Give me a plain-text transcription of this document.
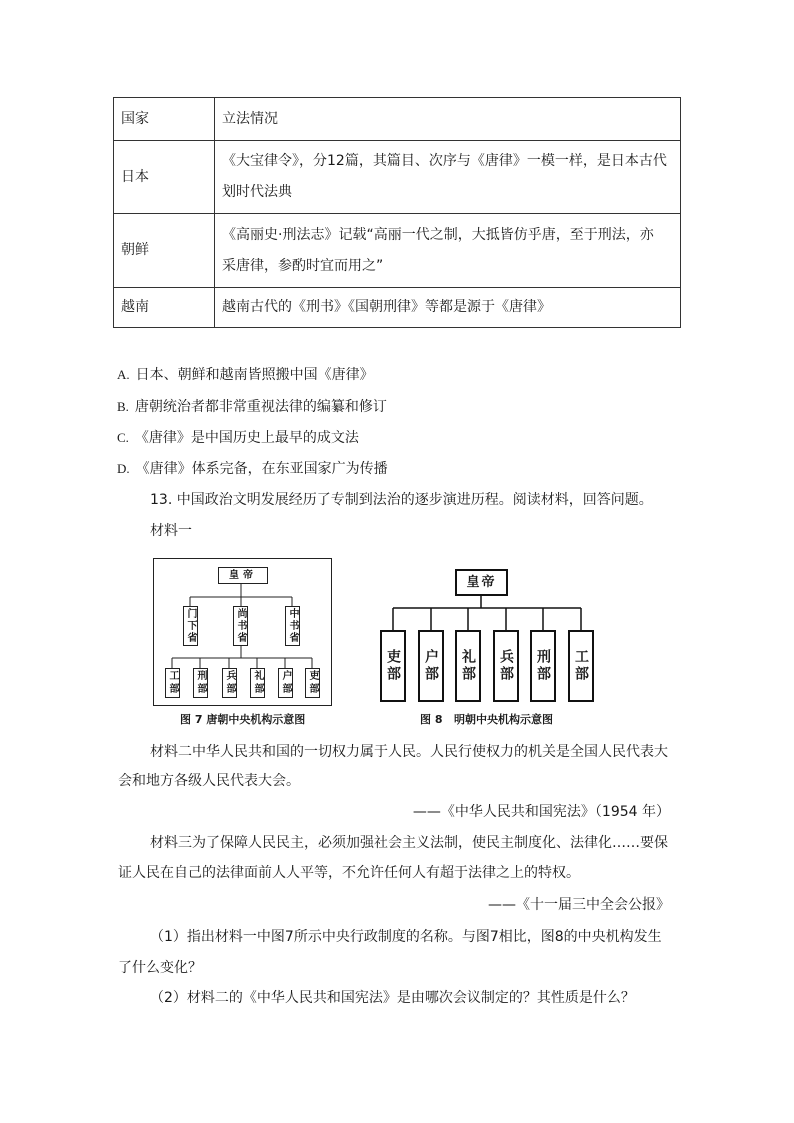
国家	立法情况
日本	《大宝律令》，分12篇，其篇目、次序与《唐律》一模一样，是日本古代
划时代法典

朝鲜	《高丽史·刑法志》记载“高丽一代之制，大抵皆仿乎唐，至于刑法，亦
采唐律，参酌时宜而用之”

越南	越南古代的《刑书》《国朝刑律》等都是源于《唐律》
A. 日本、朝鲜和越南皆照搬中国《唐律》
B. 唐朝统治者都非常重视法律的编纂和修订
C. 《唐律》是中国历史上最早的成文法
D. 《唐律》体系完备，在东亚国家广为传播
13. 中国政治文明发展经历了专制到法治的逐步演进历程。阅读材料，回答问题。
材料一
皇帝
门下省	尚书省	中书省
工部 刑部 兵部 礼部 户部 吏部
图 7 唐朝中央机构示意图
皇帝
吏部	户部	礼部	兵部	刑部	工部
图 8   明朝中央机构示意图
材料二中华人民共和国的一切权力属于人民。人民行使权力的机关是全国人民代表大
会和地方各级人民代表大会。
——《中华人民共和国宪法》（1954 年）
材料三为了保障人民民主，必须加强社会主义法制，使民主制度化、法律化……要保
证人民在自己的法律面前人人平等，不允许任何人有超于法律之上的特权。
——《十一届三中全会公报》
（1）指出材料一中图7所示中央行政制度的名称。与图7相比，图8的中央机构发生
了什么变化？
（2）材料二的《中华人民共和国宪法》是由哪次会议制定的？其性质是什么？
